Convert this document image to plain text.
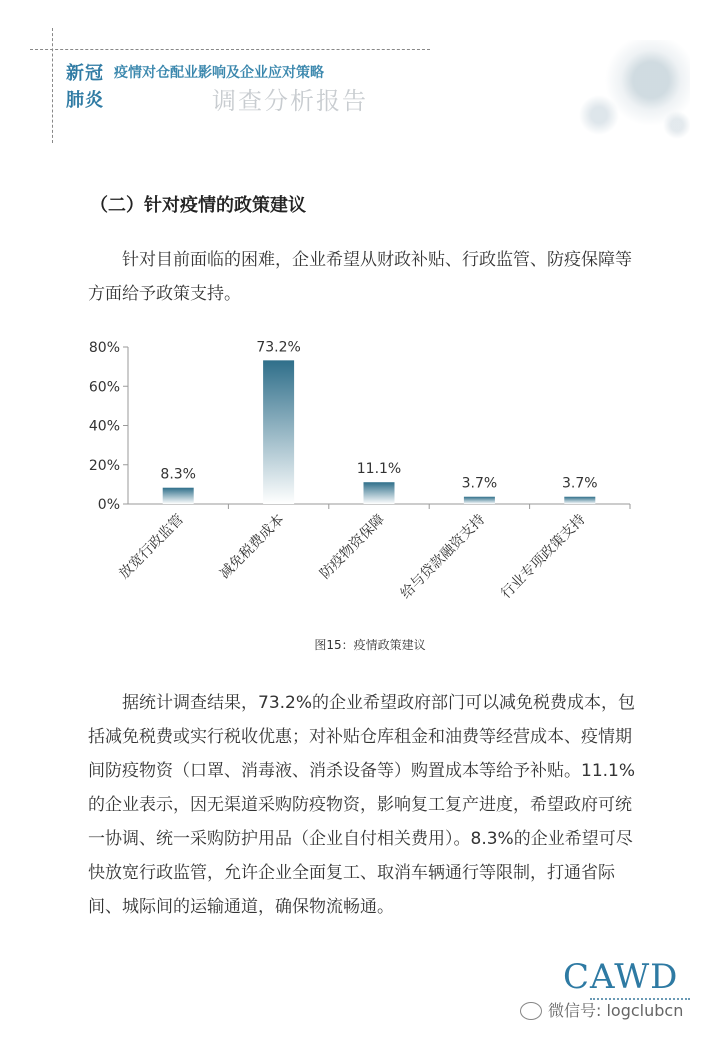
新冠
肺炎
疫情对仓配业影响及企业应对策略
调查分析报告
（二）针对疫情的政策建议

针对目前面临的困难，企业希望从财政补贴、行政监管、防疫保障等方面给予政策支持。

0%
20%
40%
60%
80%
8.3%
放宽行政监管
73.2%
减免税费成本
11.1%
防疫物资保障
3.7%
给与贷款融资支持
3.7%
行业专项政策支持
图15：疫情政策建议

据统计调查结果，73.2%的企业希望政府部门可以减免税费成本，包括减免税费或实行税收优惠；对补贴仓库租金和油费等经营成本、疫情期间防疫物资（口罩、消毒液、消杀设备等）购置成本等给予补贴。11.1%的企业表示，因无渠道采购防疫物资，影响复工复产进度，希望政府可统一协调、统一采购防护用品（企业自付相关费用）。8.3%的企业希望可尽快放宽行政监管，允许企业全面复工、取消车辆通行等限制，打通省际间、城际间的运输通道，确保物流畅通。

CAWD
微信号: logclubcn
